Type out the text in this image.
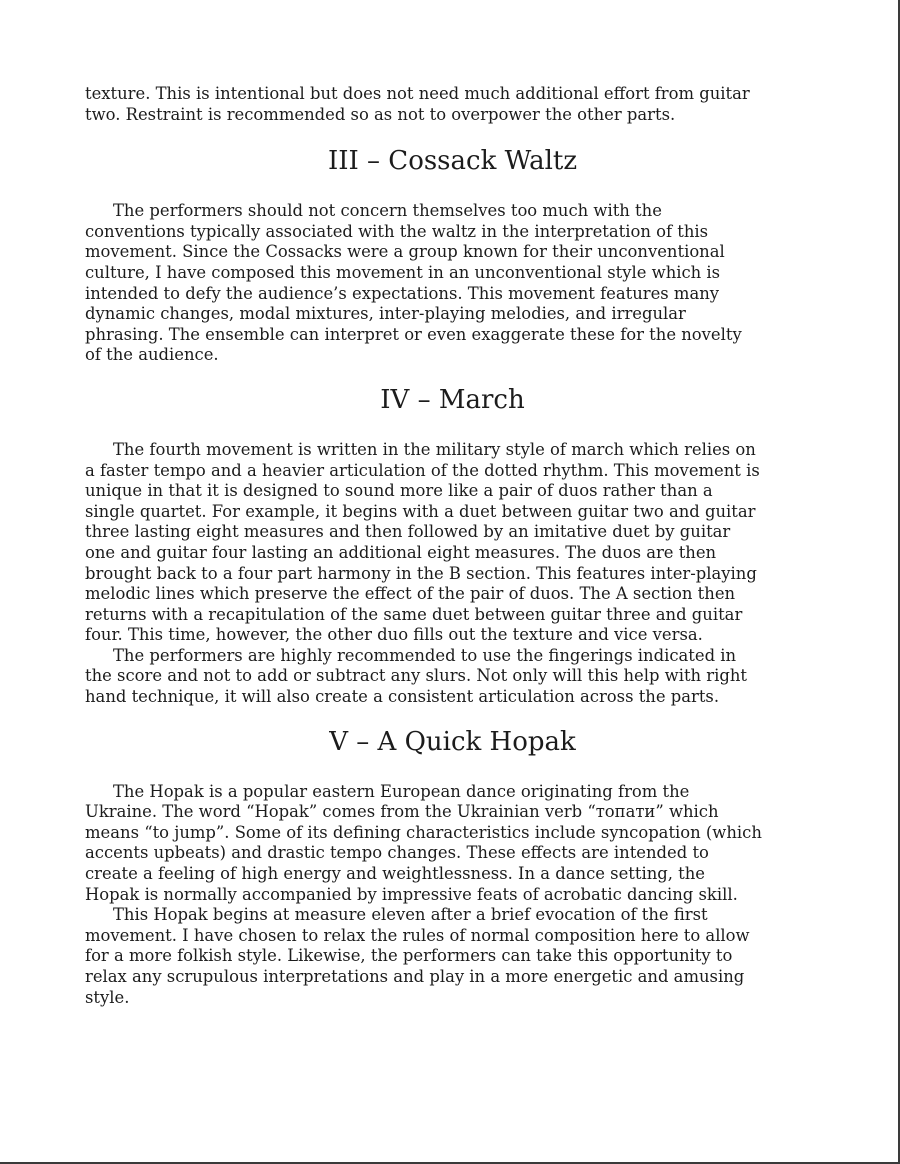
texture. This is intentional but does not need much additional effort from guitar

two. Restraint is recommended so as not to overpower the other parts.

III – Cossack Waltz

The performers should not concern themselves too much with the

conventions typically associated with the waltz in the interpretation of this

movement. Since the Cossacks were a group known for their unconventional

culture, I have composed this movement in an unconventional style which is

intended to defy the audience’s expectations. This movement features many

dynamic changes, modal mixtures, inter-playing melodies, and irregular

phrasing. The ensemble can interpret or even exaggerate these for the novelty

of the audience.

IV – March

The fourth movement is written in the military style of march which relies on

a faster tempo and a heavier articulation of the dotted rhythm. This movement is

unique in that it is designed to sound more like a pair of duos rather than a

single quartet. For example, it begins with a duet between guitar two and guitar

three lasting eight measures and then followed by an imitative duet by guitar

one and guitar four lasting an additional eight measures. The duos are then

brought back to a four part harmony in the B section. This features inter-playing

melodic lines which preserve the effect of the pair of duos. The A section then

returns with a recapitulation of the same duet between guitar three and guitar

four. This time, however, the other duo fills out the texture and vice versa.

The performers are highly recommended to use the fingerings indicated in

the score and not to add or subtract any slurs. Not only will this help with right

hand technique, it will also create a consistent articulation across the parts.

V – A Quick Hopak

The Hopak is a popular eastern European dance originating from the

Ukraine. The word “Hopak” comes from the Ukrainian verb “топати” which

means “to jump”. Some of its defining characteristics include syncopation (which

accents upbeats) and drastic tempo changes. These effects are intended to

create a feeling of high energy and weightlessness. In a dance setting, the

Hopak is normally accompanied by impressive feats of acrobatic dancing skill.

This Hopak begins at measure eleven after a brief evocation of the first

movement. I have chosen to relax the rules of normal composition here to allow

for a more folkish style. Likewise, the performers can take this opportunity to

relax any scrupulous interpretations and play in a more energetic and amusing

style.
